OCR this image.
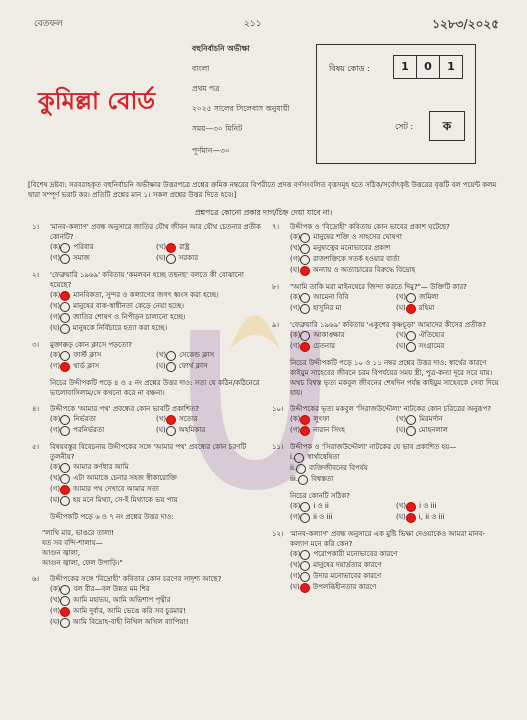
বেতফল	২১১	১২৮৩/২০২৫
কুমিল্লা বোর্ড
বহুনির্বাচনি অভীক্ষা
বাংলা
প্রথম পত্র
২০২৫ সালের সিলেবাস অনুযায়ী
সময়—৩০ মিনিট
পূর্ণমান—৩০
বিষয় কোড :	1	0	1
সেট :	ক
[বিশেষ দ্রষ্টব্য: সরবরাহকৃত বহুনির্বাচনি অভীক্ষার উত্তরপত্রে প্রশ্নের ক্রমিক নম্বরের বিপরীতে প্রদত্ত বর্ণসংবলিত বৃত্তসমূহ হতে সঠিক/সর্বোৎকৃষ্ট উত্তরের বৃত্তটি বল পয়েন্ট কলম দ্বারা সম্পূর্ণ ভরাট কর। প্রতিটি প্রশ্নের মান ১। সকল প্রশ্নের উত্তর দিতে হবে।]
প্রশ্নপত্রে কোনো প্রকার দাগ/চিহ্ন দেয়া যাবে না।
১।	'মানব-কল্যাণ' প্রবন্ধ অনুসারে জাতির যৌথ জীবন আর যৌথ চেতনার প্রতীক কোনটি?
(ক) পরিবার	(খ) রাষ্ট্র
(গ) সমাজ	(ঘ) সরকার
২।	'ফেব্রুয়ারি ১৯৬৯' কবিতায় 'কমলবন হচ্ছে তছনছ' বলতে কী বোঝানো হয়েছে?
(ক) মানবিকতা, সুন্দর ও কল্যাণের জগৎ ধ্বংস করা হচ্ছে।
(খ) মানুষের বাক-স্বাধীনতা কেড়ে নেয়া হচ্ছে।
(গ) জাতির শোষণ ও নিপীড়ন চালানো হচ্ছে।
(ঘ) মানুষকে নির্বিচারে হত্যা করা হচ্ছে।
৩।	মুক্তাক্কড় কোন ক্লাসে পড়তো?
(ক) ফার্স্ট ক্লাস	(খ) সেকেন্ড ক্লাস
(গ) থার্ড ক্লাস	(ঘ) ফোর্থ ক্লাস
নিচের উদ্দীপকটি পড়ে ৪ ও ৫ নং প্রশ্নের উত্তর দাও: সত্য যে কঠিন/কঠিনেরে ভালোবাসিলাম/সে কখনো করে না বঞ্চনা।
৪।	উদ্দীপকে 'আমার পথ' প্রবন্ধের কোন ভাবটি প্রকাশিত?
(ক) নির্ভরতা	(খ) সত্যের
(গ) পরনির্ভরতা	(ঘ) অহমিকার
৫।	বিষয়বস্তুর বিবেচনায় উদ্দীপকের সঙ্গে 'আমার পথ' প্রবন্ধের কোন চরণটি তুলনীয়?
(ক) আমার কর্ণধার আমি
(খ) এটা আমাকে চেনার সহজ স্বীকারোক্তি
(গ) আমার পথ দেখাবে আমার সত্য
(ঘ) হয় মনে মিথ্যা, সে-ই মিথ্যাকে ভয় পায়
উদ্দীপকটি পড়ে ৬ ও ৭ নং প্রশ্নের উত্তর দাও:
"লাথি মার, ভাঙরে তালা!
যত সব বন্দি-শালায়—
আগুন জ্বালা,
আগুন জ্বালা, ফেল উপাড়ি।"
৬।	উদ্দীপকের সঙ্গে 'বিদ্রোহী' কবিতার কোন চরণের সাদৃশ্য আছে?
(ক) বল বীর—বল উন্নত মম শির
(খ) আমি মহাভয়, আমি অভিশাপ পৃথ্বীর
(গ) আমি দুর্বার, আমি ভেঙে করি সব চুরমার!
(ঘ) আমি বিদ্রোহ-বাহী নিখিল অখিল ব্যাপিয়া!
৭।	উদ্দীপক ও 'বিদ্রোহী' কবিতায় কোন ভাবের প্রকাশ ঘটেছে?
(ক) মানুষের শক্তি ও সাহসের ঘোষণা
(খ) মনুষ্যত্বের মনোভাবের প্রকাশ
(গ) রাজশক্তিকে সতর্ক হওয়ার বার্তা
(ঘ) অন্যায় ও অত্যাচারের বিরুদ্ধে বিদ্রোহ
৮।	"আমি তাকি মরা মাইনষেরে জিন্দা করতে দিমু?"— উক্তিটি কার?
(ক) আমেনা বিবি	(খ) জমিলা
(গ) হাসুনির মা	(ঘ) রহিমা
৯।	'ফেব্রুয়ারি ১৯৬৯' কবিতায় 'একুশের কৃষ্ণচূড়া' আমাদের কীসের প্রতীক?
(ক) আকাঙ্ক্ষার	(খ) ঐতিহ্যের
(গ) চেতনার	(ঘ) সংগ্রামের
নিচের উদ্দীপকটি পড়ে ১০ ও ১১ নম্বর প্রশ্নের উত্তর দাও: স্বার্থের কারণে কাইয়ুম সাহেবের জীবনে চরম বিপর্যয়ের সময় স্ত্রী, পুত্র-কন্যা দূরে সরে যায়। অথচ বিশ্বস্ত ভৃত্য মকবুল জীবনের শেষদিন পর্যন্ত কাইয়ুম সাহেবকে সেবা দিয়ে যায়।
১০। উদ্দীপকের ভৃত্য মকবুল 'সিরাজউদ্দৌলা' নাটকের কোন চরিত্রের অনুরূপ?
(ক) লুৎফা	(খ) মিরমর্দান
(গ) নারান সিংহ	(ঘ) মোহনলাল
১১। উদ্দীপক ও 'সিরাজউদ্দৌলা' নাটকের যে ভাব প্রকাশিত হয়—
i. স্বার্থান্বেষিতা
ii. ব্যক্তিজীবনের বিপর্যয়
iii. বিশ্বস্ততা
নিচের কোনটি সঠিক?
(ক) i ও ii	(খ) i ও iii
(গ) ii ও iii	(ঘ) i, ii ও iii
১২। 'মানব-কল্যাণ' প্রবন্ধ অনুসারে এক মুষ্টি ভিক্ষা দেওয়াকেও আমরা মানব-কল্যাণ মনে করি কেন?
(ক) পরোপকারী মনোভাবের কারণে
(খ) মানুষের দয়ার্দ্রতার কারণে
(গ) উদার মনোভাবের কারণে
(ঘ) উপলব্ধিহীনতার কারণে
